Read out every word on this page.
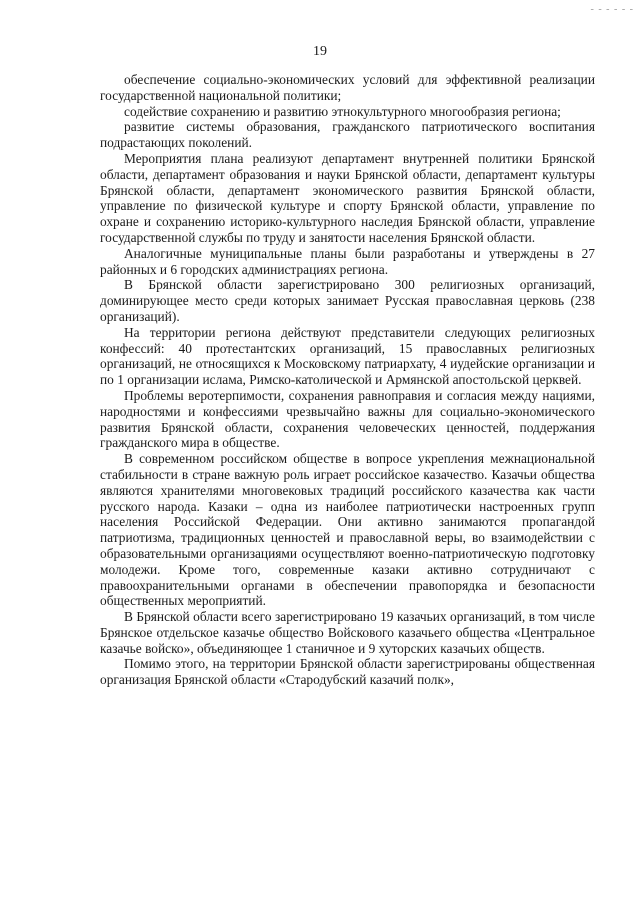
- - - - - -
19

обеспечение социально-экономических условий для эффективной реализации государственной национальной политики;

содействие сохранению и развитию этнокультурного многообразия региона;

развитие системы образования, гражданского патриотического воспитания подрастающих поколений.

Мероприятия плана реализуют департамент внутренней политики Брянской области, департамент образования и науки Брянской области, департамент культуры Брянской области, департамент экономического развития Брянской области, управление по физической культуре и спорту Брянской области, управление по охране и сохранению историко-культурного наследия Брянской области, управление государственной службы по труду и занятости населения Брянской области.

Аналогичные муниципальные планы были разработаны и утверждены в 27 районных и 6 городских администрациях региона.

В Брянской области зарегистрировано 300 религиозных организаций, доминирующее место среди которых занимает Русская православная церковь (238 организаций).

На территории региона действуют представители следующих религиозных конфессий: 40 протестантских организаций, 15 православных религиозных организаций, не относящихся к Московскому патриархату, 4 иудейские организации и по 1 организации ислама, Римско-католической и Армянской апостольской церквей.

Проблемы веротерпимости, сохранения равноправия и согласия между нациями, народностями и конфессиями чрезвычайно важны для социально-экономического развития Брянской области, сохранения человеческих ценностей, поддержания гражданского мира в обществе.

В современном российском обществе в вопросе укрепления межнациональной стабильности в стране важную роль играет российское казачество. Казачьи общества являются хранителями многовековых традиций российского казачества как части русского народа. Казаки – одна из наиболее патриотически настроенных групп населения Российской Федерации. Они активно занимаются пропагандой патриотизма, традиционных ценностей и православной веры, во взаимодействии с образовательными организациями осуществляют военно-патриотическую подготовку молодежи. Кроме того, современные казаки активно сотрудничают с правоохранительными органами в обеспечении правопорядка и безопасности общественных мероприятий.

В Брянской области всего зарегистрировано 19 казачьих организаций, в том числе Брянское отдельское казачье общество Войскового казачьего общества «Центральное казачье войско», объединяющее 1 станичное и 9 хуторских казачьих обществ.

Помимо этого, на территории Брянской области зарегистрированы общественная организация Брянской области «Стародубский казачий полк»,
